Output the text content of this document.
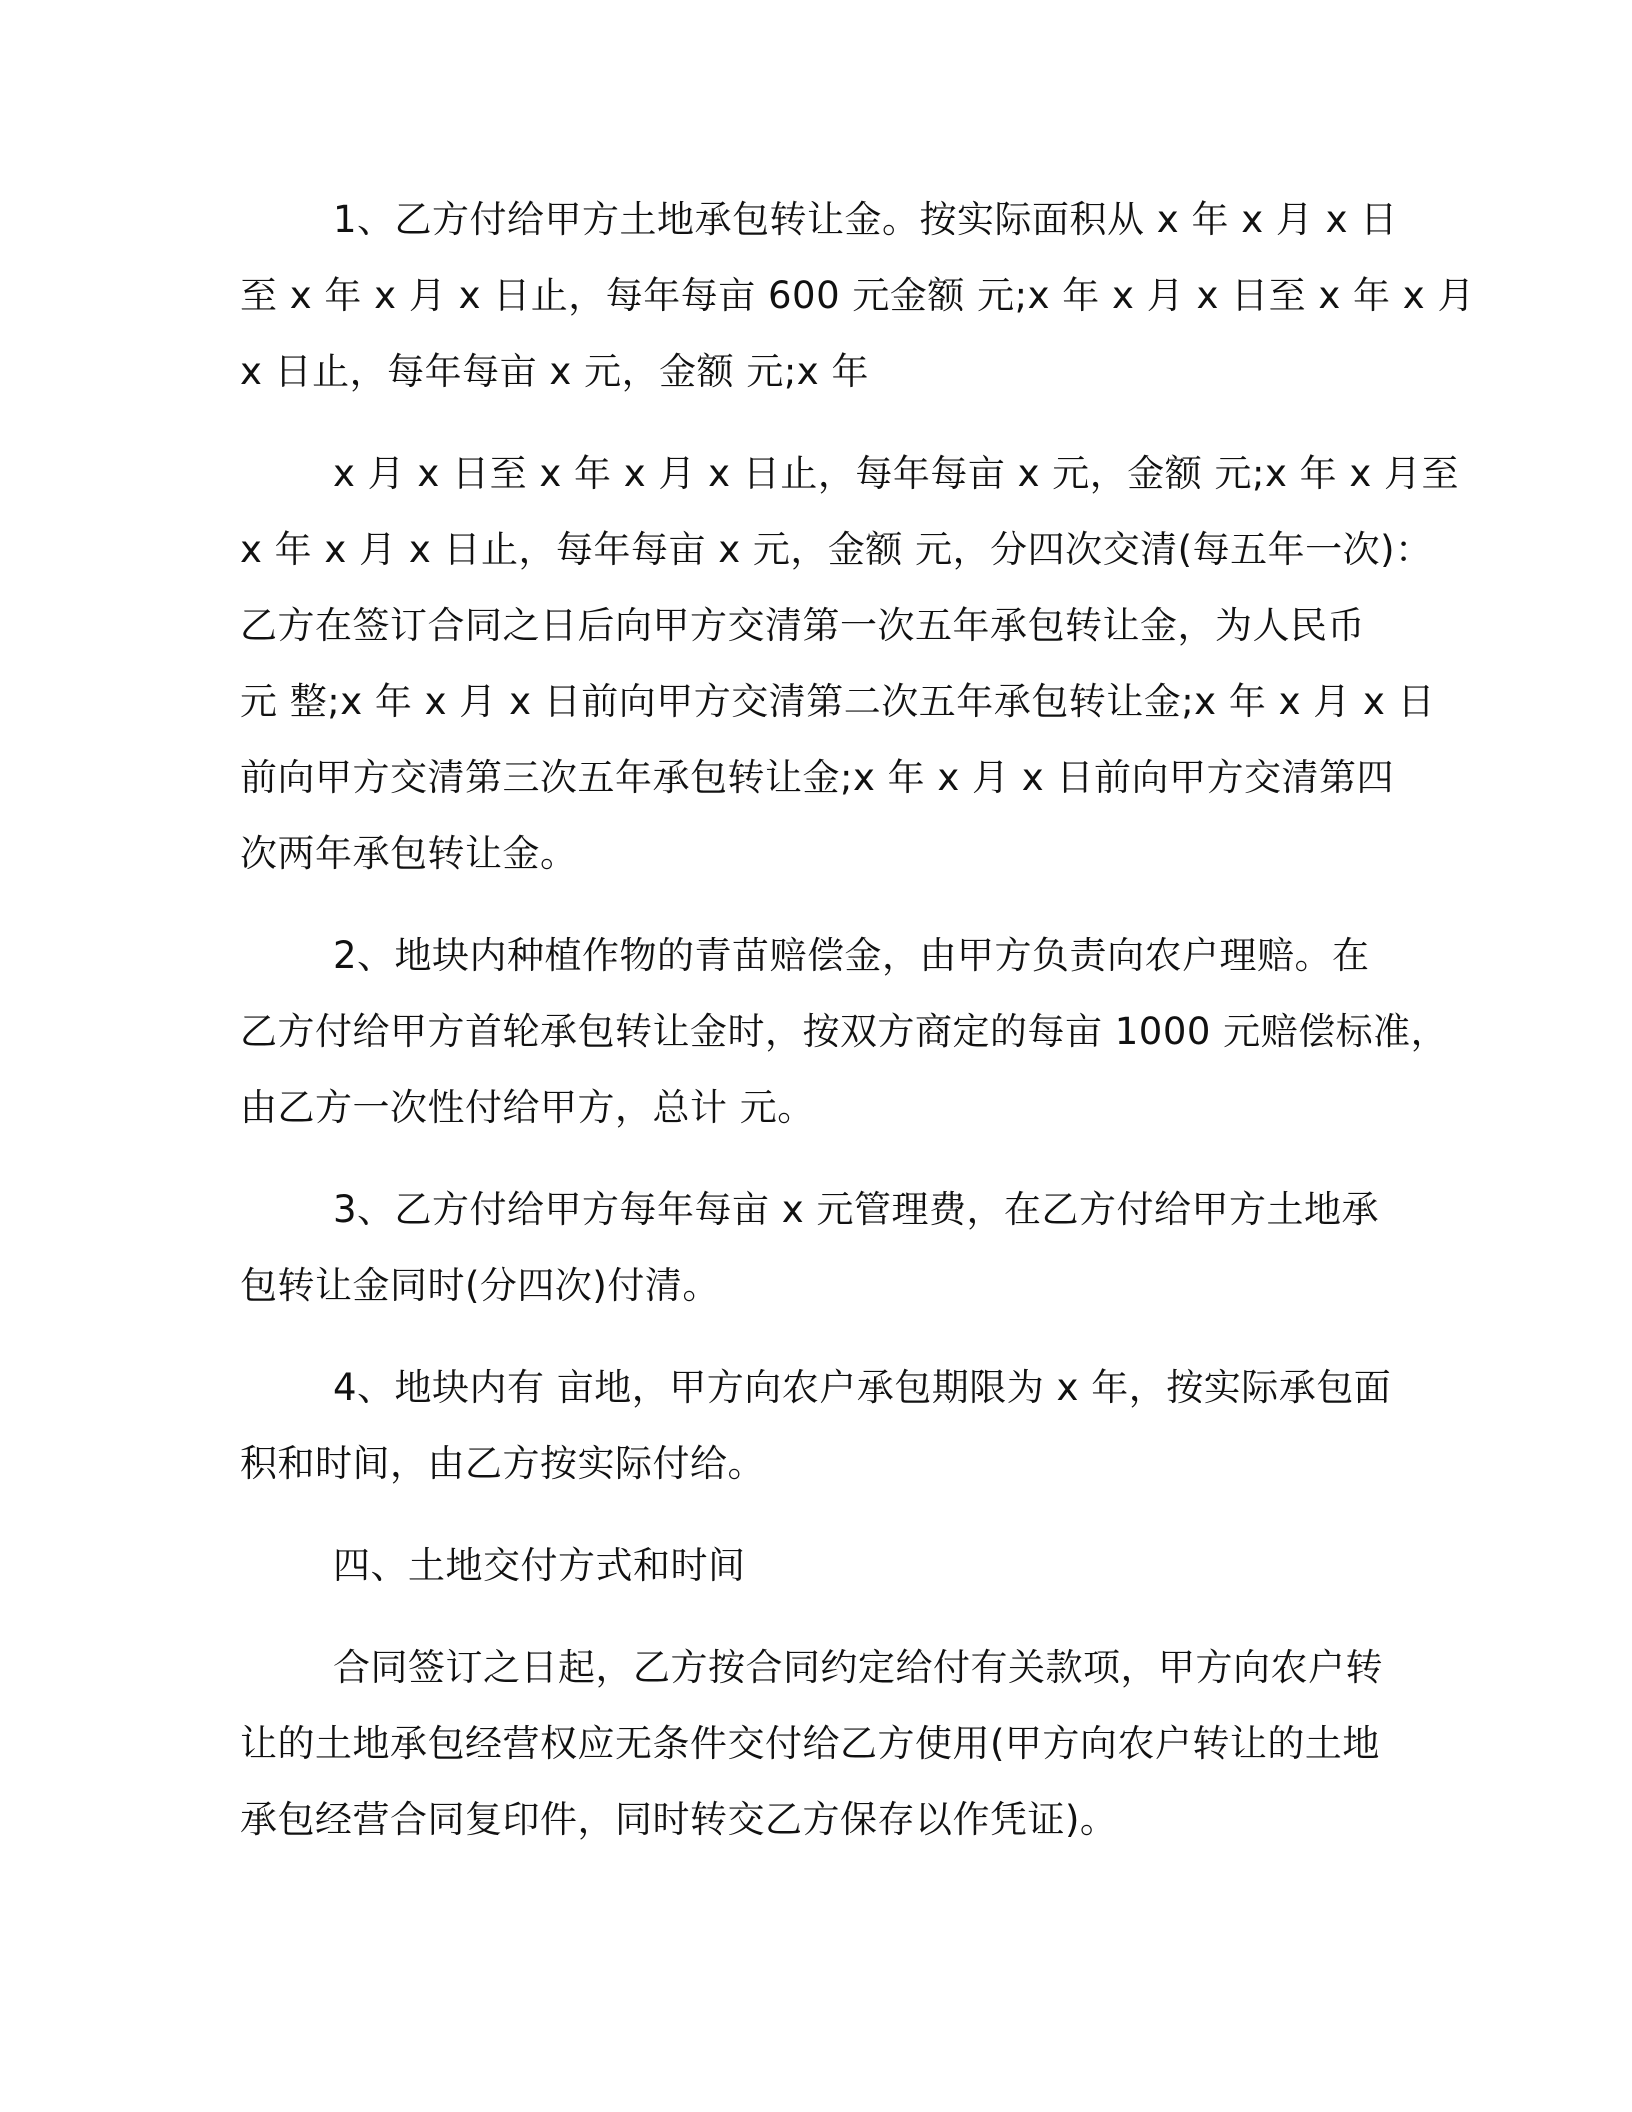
1、乙方付给甲方土地承包转让金。按实际面积从 x 年 x 月 x 日

至 x 年 x 月 x 日止，每年每亩 600 元金额 元;x 年 x 月 x 日至 x 年 x 月

x 日止，每年每亩 x 元，金额 元;x 年

x 月 x 日至 x 年 x 月 x 日止，每年每亩 x 元，金额 元;x 年 x 月至

x 年 x 月 x 日止，每年每亩 x 元，金额 元，分四次交清(每五年一次)：

乙方在签订合同之日后向甲方交清第一次五年承包转让金，为人民币

元 整;x 年 x 月 x 日前向甲方交清第二次五年承包转让金;x 年 x 月 x 日

前向甲方交清第三次五年承包转让金;x 年 x 月 x 日前向甲方交清第四

次两年承包转让金。

2、地块内种植作物的青苗赔偿金，由甲方负责向农户理赔。在

乙方付给甲方首轮承包转让金时，按双方商定的每亩 1000 元赔偿标准，

由乙方一次性付给甲方，总计 元。

3、乙方付给甲方每年每亩 x 元管理费，在乙方付给甲方土地承

包转让金同时(分四次)付清。

4、地块内有 亩地，甲方向农户承包期限为 x 年，按实际承包面

积和时间，由乙方按实际付给。

四、土地交付方式和时间

合同签订之日起，乙方按合同约定给付有关款项，甲方向农户转

让的土地承包经营权应无条件交付给乙方使用(甲方向农户转让的土地

承包经营合同复印件，同时转交乙方保存以作凭证)。
